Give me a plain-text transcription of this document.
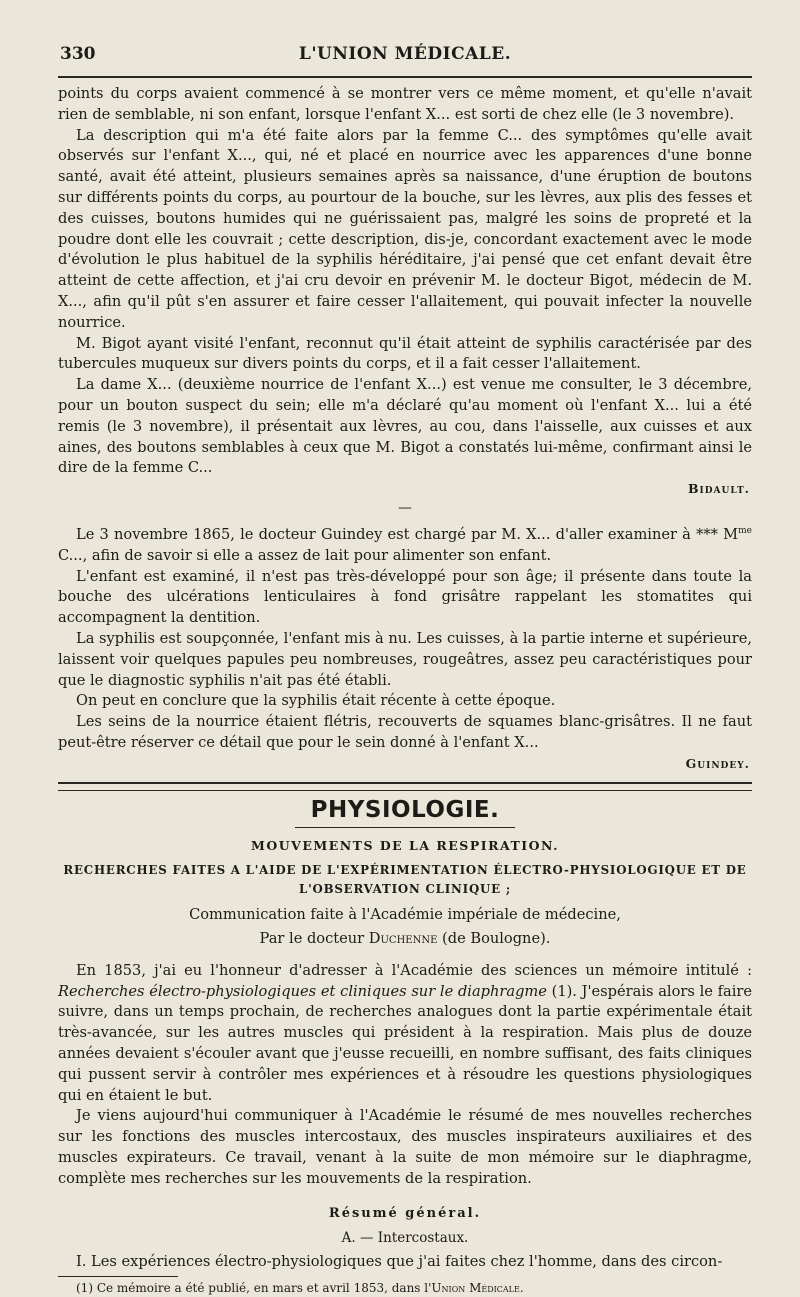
330	L'UNION MÉDICALE.

points du corps avaient commencé à se montrer vers ce même moment, et qu'elle n'avait rien de semblable, ni son enfant, lorsque l'enfant X... est sorti de chez elle (le 3 novembre).

La description qui m'a été faite alors par la femme C... des symptômes qu'elle avait observés sur l'enfant X..., qui, né et placé en nourrice avec les apparences d'une bonne santé, avait été atteint, plusieurs semaines après sa naissance, d'une éruption de boutons sur différents points du corps, au pourtour de la bouche, sur les lèvres, aux plis des fesses et des cuisses, boutons humides qui ne guérissaient pas, malgré les soins de propreté et la poudre dont elle les couvrait ; cette description, dis-je, concordant exactement avec le mode d'évolution le plus habituel de la syphilis héréditaire, j'ai pensé que cet enfant devait être atteint de cette affection, et j'ai cru devoir en prévenir M. le docteur Bigot, médecin de M. X..., afin qu'il pût s'en assurer et faire cesser l'allaitement, qui pouvait infecter la nouvelle nourrice.

M. Bigot ayant visité l'enfant, reconnut qu'il était atteint de syphilis caractérisée par des tubercules muqueux sur divers points du corps, et il a fait cesser l'allaitement.

La dame X... (deuxième nourrice de l'enfant X...) est venue me consulter, le 3 décembre, pour un bouton suspect du sein; elle m'a déclaré qu'au moment où l'enfant X... lui a été remis (le 3 novembre), il présentait aux lèvres, au cou, dans l'aisselle, aux cuisses et aux aines, des boutons semblables à ceux que M. Bigot a constatés lui-même, confirmant ainsi le dire de la femme C...

Bidault.

—

Le 3 novembre 1865, le docteur Guindey est chargé par M. X... d'aller examiner à *** $M^{me}$ C..., afin de savoir si elle a assez de lait pour alimenter son enfant.

L'enfant est examiné, il n'est pas très-développé pour son âge; il présente dans toute la bouche des ulcérations lenticulaires à fond grisâtre rappelant les stomatites qui accompagnent la dentition.

La syphilis est soupçonnée, l'enfant mis à nu. Les cuisses, à la partie interne et supérieure, laissent voir quelques papules peu nombreuses, rougeâtres, assez peu caractéristiques pour que le diagnostic syphilis n'ait pas été établi.

On peut en conclure que la syphilis était récente à cette époque.

Les seins de la nourrice étaient flétris, recouverts de squames blanc-grisâtres. Il ne faut peut-être réserver ce détail que pour le sein donné à l'enfant X...

Guindey.

PHYSIOLOGIE.
MOUVEMENTS DE LA RESPIRATION.
RECHERCHES FAITES A L'AIDE DE L'EXPÉRIMENTATION ÉLECTRO-PHYSIOLOGIQUE ET DE L'OBSERVATION CLINIQUE ;

Communication faite à l'Académie impériale de médecine,

Par le docteur Duchenne (de Boulogne).

En 1853, j'ai eu l'honneur d'adresser à l'Académie des sciences un mémoire intitulé : Recherches électro-physiologiques et cliniques sur le diaphragme (1). J'espérais alors le faire suivre, dans un temps prochain, de recherches analogues dont la partie expérimentale était très-avancée, sur les autres muscles qui président à la respiration. Mais plus de douze années devaient s'écouler avant que j'eusse recueilli, en nombre suffisant, des faits cliniques qui pussent servir à contrôler mes expériences et à résoudre les questions physiologiques qui en étaient le but.

Je viens aujourd'hui communiquer à l'Académie le résumé de mes nouvelles recherches sur les fonctions des muscles intercostaux, des muscles inspirateurs auxiliaires et des muscles expirateurs. Ce travail, venant à la suite de mon mémoire sur le diaphragme, complète mes recherches sur les mouvements de la respiration.

Résumé général.
A. — Intercostaux.

I. Les expériences électro-physiologiques que j'ai faites chez l'homme, dans des circon-

(1) Ce mémoire a été publié, en mars et avril 1853, dans l'Union Médicale.
